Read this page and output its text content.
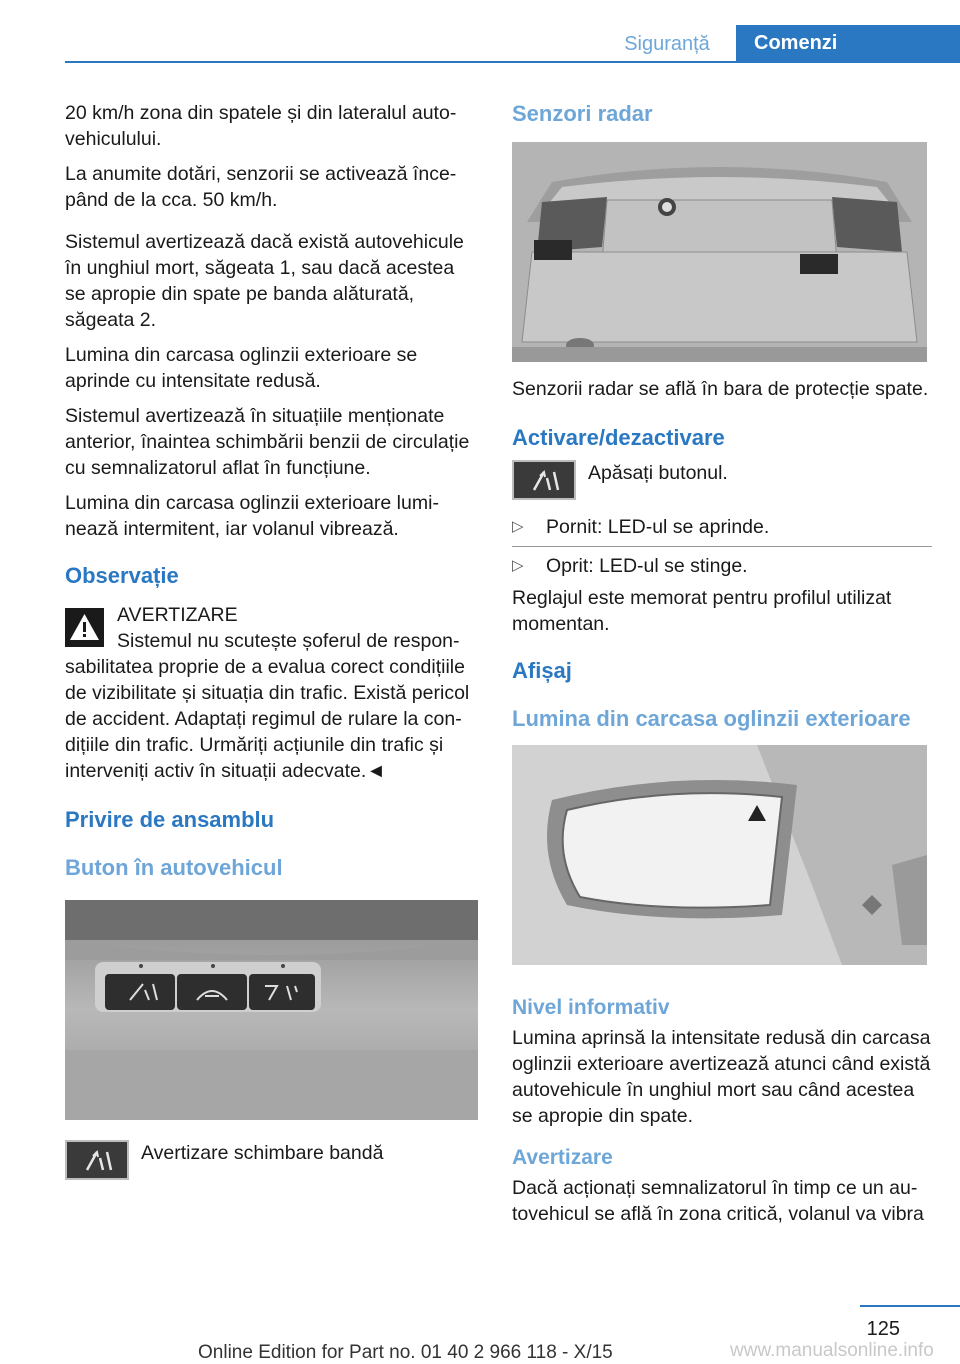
Siguranță	Comenzi

20 km/h zona din spatele și din lateralul autovehiculului.

La anumite dotări, senzorii se activează începând de la cca. 50 km/h.

Sistemul avertizează dacă există autovehicule în unghiul mort, săgeata 1, sau dacă acestea se apropie din spate pe banda alăturată, săgeata 2.

Lumina din carcasa oglinzii exterioare se aprinde cu intensitate redusă.

Sistemul avertizează în situațiile menționate anterior, înaintea schimbării benzii de circulație cu semnalizatorul aflat în funcțiune.

Lumina din carcasa oglinzii exterioare luminează intermitent, iar volanul vibrează.

Observație
AVERTIZARE
Sistemul nu scutește șoferul de responsabilitatea proprie de a evalua corect condițiile de vizibilitate și situația din trafic. Există pericol de accident. Adaptați regimul de rulare la condițiile din trafic. Urmăriți acțiunile din trafic și interveniți activ în situații adecvate.◄
Privire de ansamblu
Buton în autovehicul
Avertizare schimbare bandă
Senzori radar

Senzorii radar se află în bara de protecție spate.

Activare/dezactivare
Apăsați butonul.
▷ Pornit: LED-ul se aprinde.
▷ Oprit: LED-ul se stinge.

Reglajul este memorat pentru profilul utilizat momentan.

Afișaj
Lumina din carcasa oglinzii exterioare
Nivel informativ

Lumina aprinsă la intensitate redusă din carcasa oglinzii exterioare avertizează atunci când există autovehicule în unghiul mort sau când acestea se apropie din spate.

Avertizare

Dacă acționați semnalizatorul în timp ce un autovehicul se află în zona critică, volanul va vibra

125
Online Edition for Part no. 01 40 2 966 118 - X/15	www.manualsonline.info
